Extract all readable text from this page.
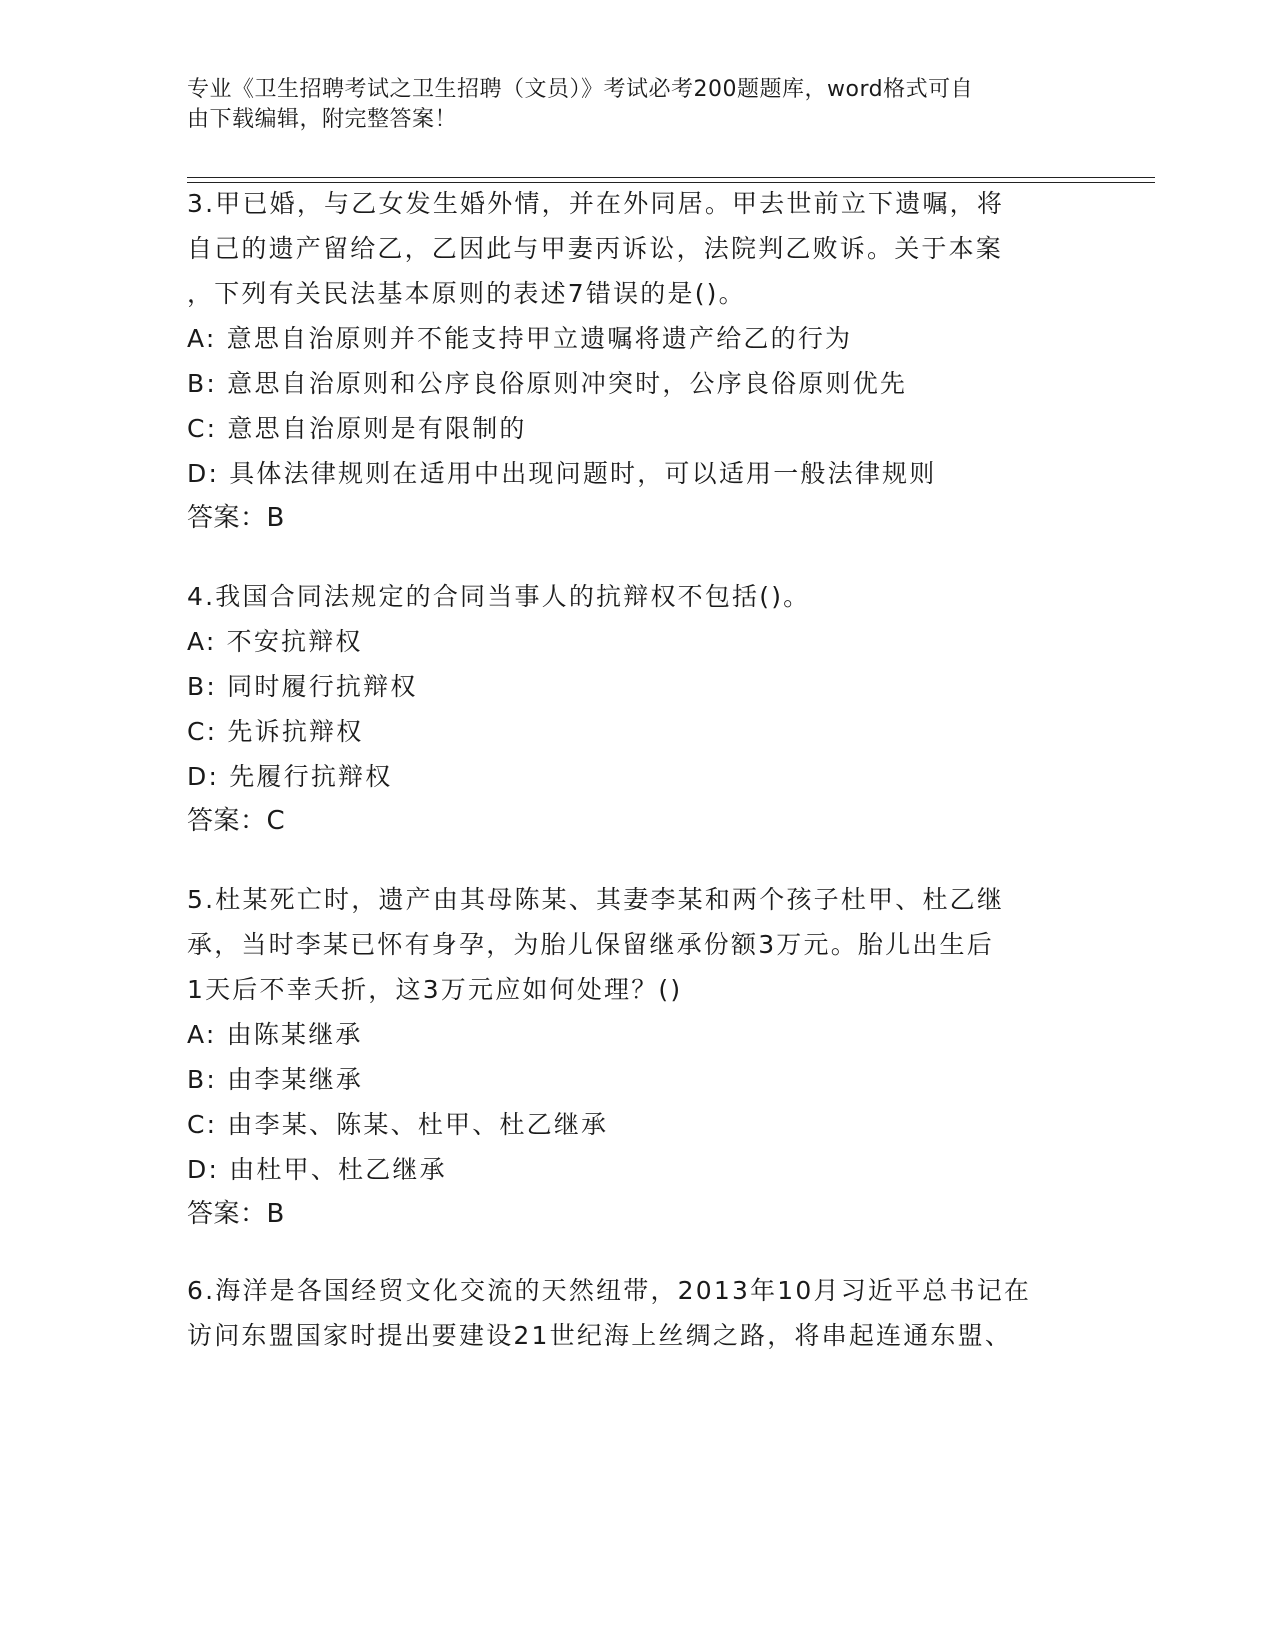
专业《卫生招聘考试之卫生招聘（文员）》考试必考200题题库，word格式可自
由下载编辑，附完整答案！
3.甲已婚，与乙女发生婚外情，并在外同居。甲去世前立下遗嘱，将
自己的遗产留给乙，乙因此与甲妻丙诉讼，法院判乙败诉。关于本案
，下列有关民法基本原则的表述7错误的是()。
A: 意思自治原则并不能支持甲立遗嘱将遗产给乙的行为
B: 意思自治原则和公序良俗原则冲突时，公序良俗原则优先
C: 意思自治原则是有限制的
D: 具体法律规则在适用中出现问题时，可以适用一般法律规则
答案：B
4.我国合同法规定的合同当事人的抗辩权不包括()。
A: 不安抗辩权
B: 同时履行抗辩权
C: 先诉抗辩权
D: 先履行抗辩权
答案：C
5.杜某死亡时，遗产由其母陈某、其妻李某和两个孩子杜甲、杜乙继
承，当时李某已怀有身孕，为胎儿保留继承份额3万元。胎儿出生后
1天后不幸夭折，这3万元应如何处理？()
A: 由陈某继承
B: 由李某继承
C: 由李某、陈某、杜甲、杜乙继承
D: 由杜甲、杜乙继承
答案：B
6.海洋是各国经贸文化交流的天然纽带，2013年10月习近平总书记在
访问东盟国家时提出要建设21世纪海上丝绸之路，将串起连通东盟、
